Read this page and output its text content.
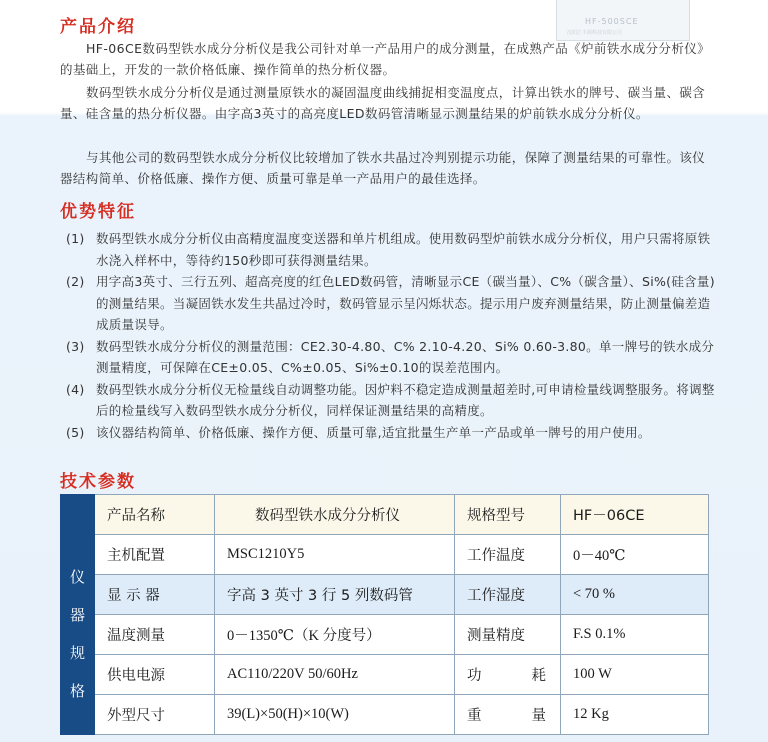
HF-500SCE
沈阳汇丰源科技有限公司
产品介绍
HF-06CE数码型铁水成分分析仪是我公司针对单一产品用户的成分测量，在成熟产品《炉前铁水成分分析仪》的基础上，开发的一款价格低廉、操作简单的热分析仪器。
数码型铁水成分分析仪是通过测量原铁水的凝固温度曲线捕捉相变温度点，计算出铁水的牌号、碳当量、碳含量、硅含量的热分析仪器。由字高3英寸的高亮度LED数码管清晰显示测量结果的炉前铁水成分分析仪。
与其他公司的数码型铁水成分分析仪比较增加了铁水共晶过冷判别提示功能，保障了测量结果的可靠性。该仪器结构简单、价格低廉、操作方便、质量可靠是单一产品用户的最佳选择。
优势特征
(1) 数码型铁水成分分析仪由高精度温度变送器和单片机组成。使用数码型炉前铁水成分分析仪，用户只需将原铁水浇入样杯中，等待约150秒即可获得测量结果。
(2) 用字高3英寸、三行五列、超高亮度的红色LED数码管，清晰显示CE（碳当量）、C%（碳含量）、Si%(硅含量)的测量结果。当凝固铁水发生共晶过冷时，数码管显示呈闪烁状态。提示用户废弃测量结果，防止测量偏差造成质量误导。
(3) 数码型铁水成分分析仪的测量范围：CE2.30-4.80、C% 2.10-4.20、Si% 0.60-3.80。单一牌号的铁水成分测量精度，可保障在CE±0.05、C%±0.05、Si%±0.10的误差范围内。
(4) 数码型铁水成分分析仪无检量线自动调整功能。因炉料不稳定造成测量超差时,可申请检量线调整服务。将调整后的检量线写入数码型铁水成分分析仪，同样保证测量结果的高精度。
(5) 该仪器结构简单、价格低廉、操作方便、质量可靠,适宜批量生产单一产品或单一牌号的用户使用。
技术参数
仪
器
规
格	产品名称	数码型铁水成分分析仪	规格型号	HF－06CE
	主机配置	MSC1210Y5	工作温度	0－40℃
	显 示 器	字高 3 英寸 3 行 5 列数码管	工作湿度	< 70 %
	温度测量	0－1350℃（K 分度号）	测量精度	F.S 0.1%
	供电电源	AC110/220V 50/60Hz	功 耗	100 W
	外型尺寸	39(L)×50(H)×10(W)	重 量	12 Kg
